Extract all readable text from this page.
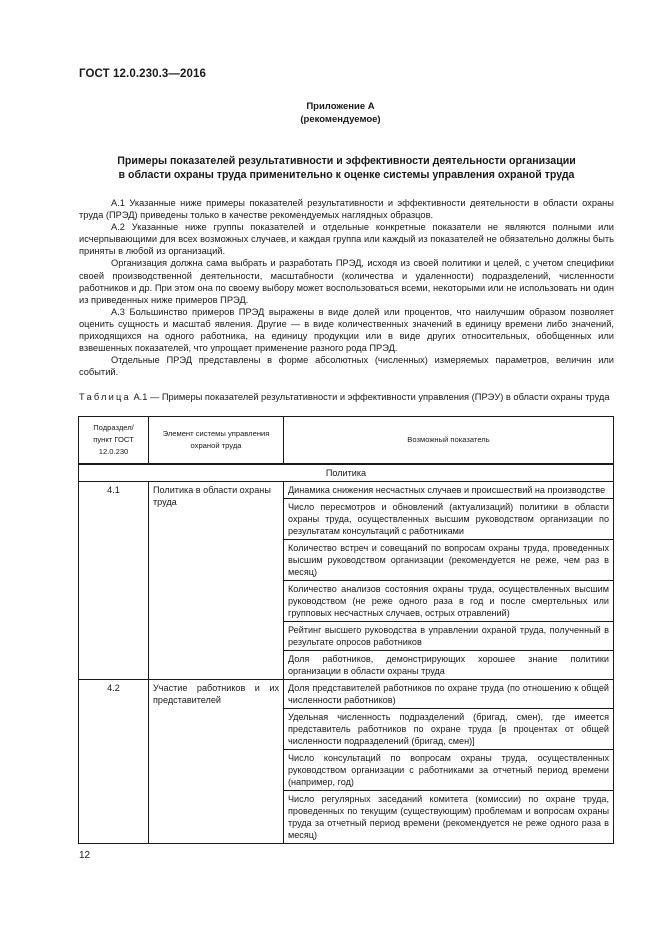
ГОСТ 12.0.230.3—2016
Приложение А
(рекомендуемое)
Примеры показателей результативности и эффективности деятельности организации
в области охраны труда применительно к оценке системы управления охраной труда

А.1 Указанные ниже примеры показателей результативности и эффективности деятельности в области охраны труда (ПРЭД) приведены только в качестве рекомендуемых наглядных образцов.

А.2 Указанные ниже группы показателей и отдельные конкретные показатели не являются полными или исчерпывающими для всех возможных случаев, и каждая группа или каждый из показателей не обязательно должны быть приняты в любой из организаций.

Организация должна сама выбрать и разработать ПРЭД, исходя из своей политики и целей, с учетом специфики своей производственной деятельности, масштабности (количества и удаленности) подразделений, численности работников и др. При этом она по своему выбору может воспользоваться всеми, некоторыми или не использовать ни один из приведенных ниже примеров ПРЭД.

А.3 Большинство примеров ПРЭД выражены в виде долей или процентов, что наилучшим образом позволяет оценить сущность и масштаб явления. Другие — в виде количественных значений в единицу времени либо значений, приходящихся на одного работника, на единицу продукции или в виде других относительных, обобщенных или взвешенных показателей, что упрощает применение разного рода ПРЭД.

Отдельные ПРЭД представлены в форме абсолютных (численных) измеряемых параметров, величин или событий.

Таблица А.1 — Примеры показателей результативности и эффективности управления (ПРЭУ) в области охраны труда
Подраздел/ пункт ГОСТ 12.0.230	Элемент системы управления охраной труда	Возможный показатель
Политика		
4.1	Политика в области охраны труда	Динамика снижения несчастных случаев и происшествий на производстве
		Число пересмотров и обновлений (актуализаций) политики в области охраны труда, осуществленных высшим руководством организации по результатам консультаций с работниками
		Количество встреч и совещаний по вопросам охраны труда, проведенных высшим руководством организации (рекомендуется не реже, чем раз в месяц)
		Количество анализов состояния охраны труда, осуществленных высшим руководством (не реже одного раза в год и после смертельных или групповых несчастных случаев, острых отравлений)
		Рейтинг высшего руководства в управлении охраной труда, полученный в результате опросов работников
		Доля работников, демонстрирующих хорошее знание политики организации в области охраны труда
4.2	Участие работников и их представителей	Доля представителей работников по охране труда (по отношению к общей численности работников)
		Удельная численность подразделений (бригад, смен), где имеется представитель работников по охране труда [в процентах от общей численности подразделений (бригад, смен)]
		Число консультаций по вопросам охраны труда, осуществленных руководством организации с работниками за отчетный период времени (например, год)
		Число регулярных заседаний комитета (комиссии) по охране труда, проведенных по текущим (существующим) проблемам и вопросам охраны труда за отчетный период времени (рекомендуется не реже одного раза в месяц)
12
